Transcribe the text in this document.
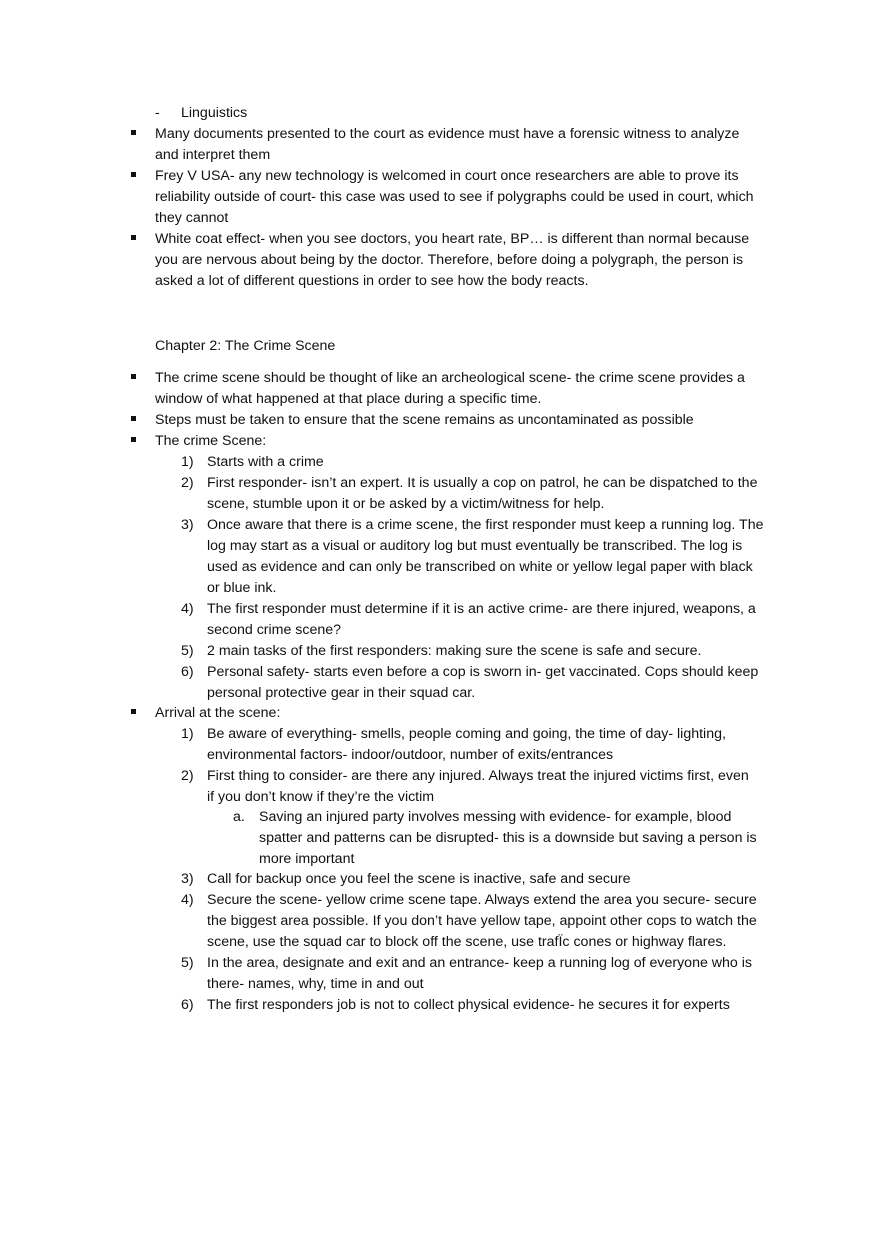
- Linguistics
Many documents presented to the court as evidence must have a forensic witness to analyze
and interpret them
Frey V USA- any new technology is welcomed in court once researchers are able to prove its
reliability outside of court- this case was used to see if polygraphs could be used in court, which
they cannot
White coat effect- when you see doctors, you heart rate, BP… is different than normal because
you are nervous about being by the doctor. Therefore, before doing a polygraph, the person is
asked a lot of different questions in order to see how the body reacts.
Chapter 2: The Crime Scene
The crime scene should be thought of like an archeological scene- the crime scene provides a
window of what happened at that place during a specific time.
Steps must be taken to ensure that the scene remains as uncontaminated as possible
The crime Scene:
1) Starts with a crime
2) First responder- isn’t an expert. It is usually a cop on patrol, he can be dispatched to the
scene, stumble upon it or be asked by a victim/witness for help.
3) Once aware that there is a crime scene, the first responder must keep a running log. The
log may start as a visual or auditory log but must eventually be transcribed. The log is
used as evidence and can only be transcribed on white or yellow legal paper with black
or blue ink.
4) The first responder must determine if it is an active crime- are there injured, weapons, a
second crime scene?
5) 2 main tasks of the first responders: making sure the scene is safe and secure.
6) Personal safety- starts even before a cop is sworn in- get vaccinated. Cops should keep
personal protective gear in their squad car.
Arrival at the scene:
1) Be aware of everything- smells, people coming and going, the time of day- lighting,
environmental factors- indoor/outdoor, number of exits/entrances
2) First thing to consider- are there any injured. Always treat the injured victims first, even
if you don’t know if they’re the victim
a. Saving an injured party involves messing with evidence- for example, blood
spatter and patterns can be disrupted- this is a downside but saving a person is
more important
3) Call for backup once you feel the scene is inactive, safe and secure
4) Secure the scene- yellow crime scene tape. Always extend the area you secure- secure
the biggest area possible. If you don’t have yellow tape, appoint other cops to watch the
scene, use the squad car to block off the scene, use trafÏc cones or highway flares.
5) In the area, designate and exit and an entrance- keep a running log of everyone who is
there- names, why, time in and out
6) The first responders job is not to collect physical evidence- he secures it for experts
